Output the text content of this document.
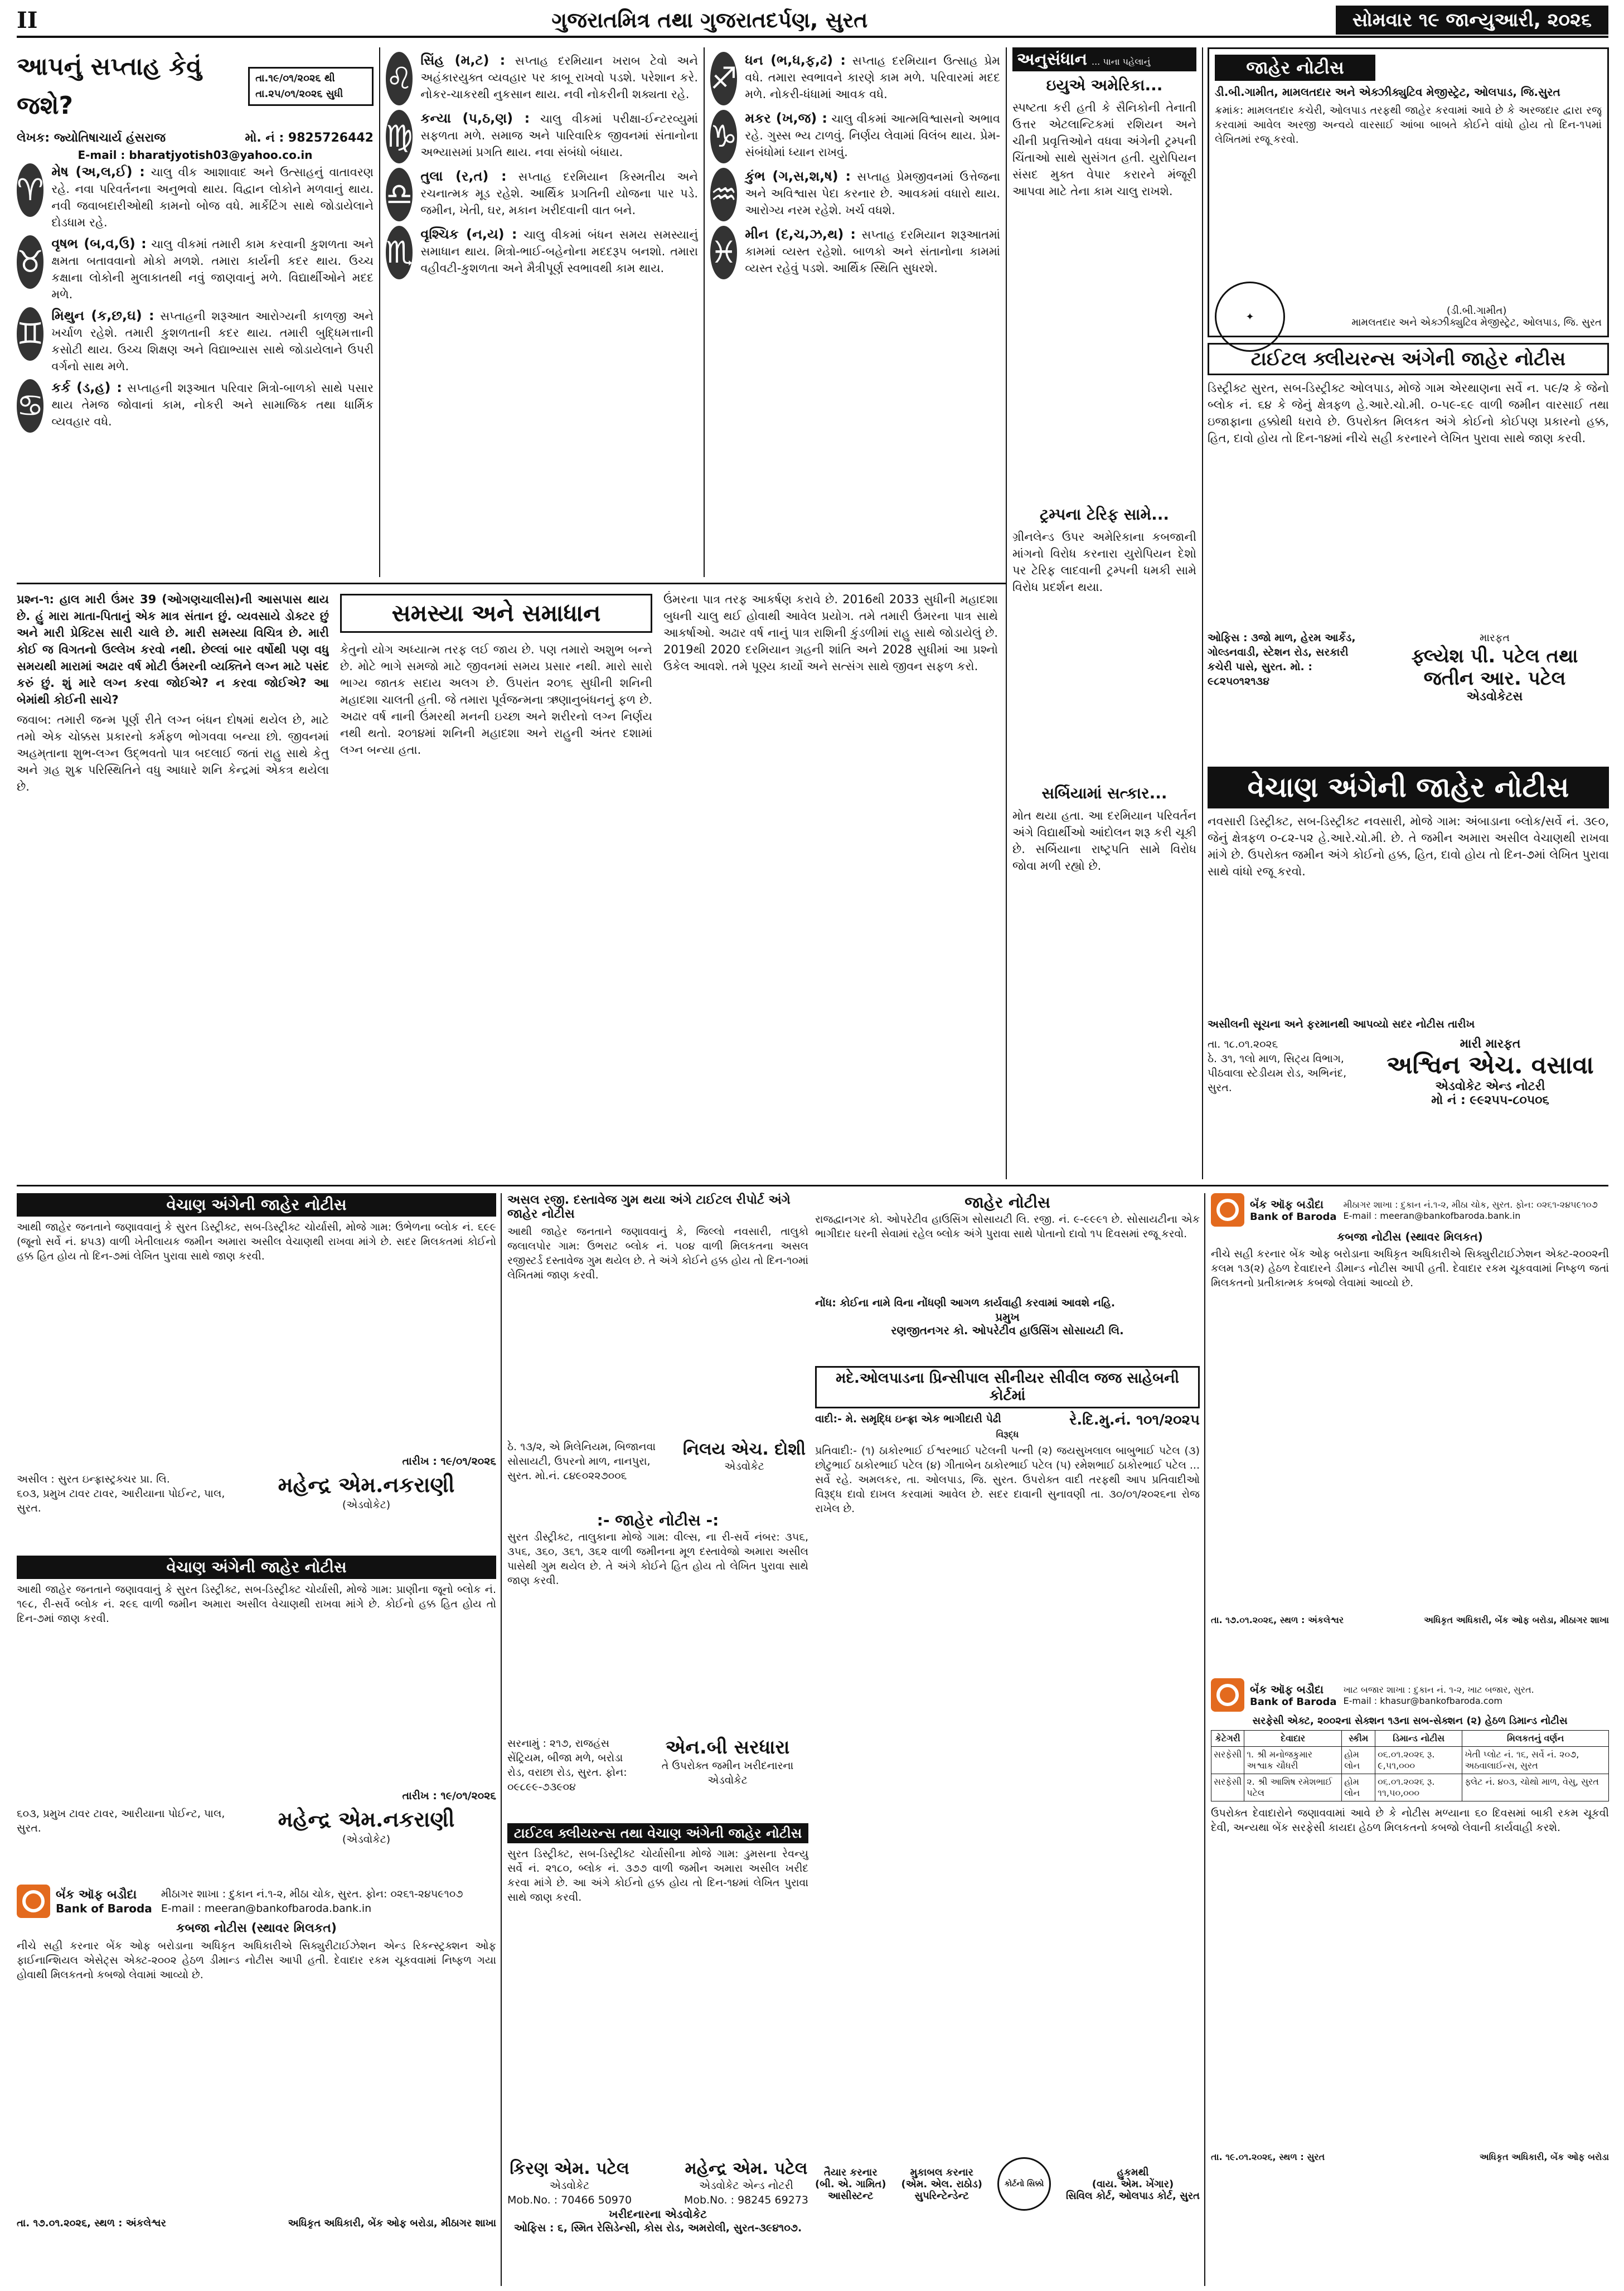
II	ગુજરાતમિત્ર તથા ગુજરાતદર્પણ, સુરત	સોમવાર ૧૯ જાન્યુઆરી, ૨૦૨૬
આપનું સપ્તાહ કેવું જશે?
તા.૧૯/૦૧/૨૦૨૬ થી તા.૨૫/૦૧/૨૦૨૬ સુધી
લેખક: જ્યોતિષાચાર્ય હંસરાજ	મો. નં : 9825726442
E-mail : bharatjyotish03@yahoo.co.in
♈
મેષ (અ,લ,ઈ) : ચાલુ વીક આશાવાદ અને ઉત્સાહનું વાતાવરણ રહે. નવા પરિવર્તનના અનુભવો થાય. વિદ્વાન લોકોને મળવાનું થાય. નવી જવાબદારીઓથી કામનો બોજ વધે. માર્કેટિંગ સાથે જોડાયેલાને દોડધામ રહે.
♉
વૃષભ (બ,વ,ઉ) : ચાલુ વીકમાં તમારી કામ કરવાની કુશળતા અને ક્ષમતા બતાવવાનો મોકો મળશે. તમારા કાર્યની કદર થાય. ઉચ્ચ કક્ષાના લોકોની મુલાકાતથી નવું જાણવાનું મળે. વિદ્યાર્થીઓને મદદ મળે.
♊
મિથુન (ક,છ,ઘ) : સપ્તાહની શરૂઆત આરોગ્યની કાળજી અને ખર્ચાળ રહેશે. તમારી કુશળતાની કદર થાય. તમારી બુદ્ધિમત્તાની કસોટી થાય. ઉચ્ચ શિક્ષણ અને વિદ્યાભ્યાસ સાથે જોડાયેલાને ઉપરી વર્ગનો સાથ મળે.
♋
કર્ક (ડ,હ) : સપ્તાહની શરૂઆત પરિવાર મિત્રો-બાળકો સાથે પસાર થાય તેમજ જોવાનાં કામ, નોકરી અને સામાજિક તથા ધાર્મિક વ્યવહાર વધે.
♌
સિંહ (મ,ટ) : સપ્તાહ દરમિયાન ખરાબ ટેવો અને અહંકારયુક્ત વ્યવહાર પર કાબૂ રાખવો પડશે. પરેશાન કરે. નોકર-ચાકરથી નુકસાન થાય. નવી નોકરીની શક્યતા રહે.
♍
કન્યા (પ,ઠ,ણ) : ચાલુ વીકમાં પરીક્ષા-ઈન્ટરવ્યુમાં સફળતા મળે. સમાજ અને પારિવારિક જીવનમાં સંતાનોના અભ્યાસમાં પ્રગતિ થાય. નવા સંબંધો બંધાય.
♎
તુલા (ર,ત) : સપ્તાહ દરમિયાન કિસ્મતીય અને રચનાત્મક મૂડ રહેશે. આર્થિક પ્રગતિની યોજના પાર પડે. જમીન, ખેતી, ઘર, મકાન ખરીદવાની વાત બને.
♏
વૃશ્ચિક (ન,ય) : ચાલુ વીકમાં બંધન સમય સમસ્યાનું સમાધાન થાય. મિત્રો-ભાઈ-બહેનોના મદદરૂપ બનશો. તમારા વહીવટી-કુશળતા અને મૈત્રીપૂર્ણ સ્વભાવથી કામ થાય.
♐
ધન (ભ,ધ,ફ,ઢ) : સપ્તાહ દરમિયાન ઉત્સાહ પ્રેમ વધે. તમારા સ્વભાવને કારણે કામ મળે. પરિવારમાં મદદ મળે. નોકરી-ધંધામાં આવક વધે.
♑
મકર (ખ,જ) : ચાલુ વીકમાં આત્મવિશ્વાસનો અભાવ રહે. ગુસ્સ ભ્ય ટાળવું. નિર્ણય લેવામાં વિલંબ થાય. પ્રેમ-સંબંધોમાં ધ્યાન રાખવું.
♒
કુંભ (ગ,સ,શ,ષ) : સપ્તાહ પ્રેમજીવનમાં ઉત્તેજના અને અવિશ્વાસ પેદા કરનાર છે. આવકમાં વધારો થાય. આરોગ્ય નરમ રહેશે. ખર્ચ વધશે.
♓
મીન (દ,ચ,ઝ,થ) : સપ્તાહ દરમિયાન શરૂઆતમાં કામમાં વ્યસ્ત રહેશો. બાળકો અને સંતાનોના કામમાં વ્યસ્ત રહેવું પડશે. આર્થિક સ્થિતિ સુધરશે.
અનુસંધાન ... પાના પહેલાનું
ઇયુએ અમેરિકા...
સ્પષ્ટતા કરી હતી કે સૈનિકોની તેનાતી ઉત્તર એટલાન્ટિકમાં રશિયન અને ચીની પ્રવૃત્તિઓને વધવા અંગેની ટ્રમ્પની ચિંતાઓ સાથે સુસંગત હતી. યુરોપિયન સંસદ મુક્ત વેપાર કરારને મંજૂરી આપવા માટે તેના કામ ચાલુ રાખશે.
ટ્રમ્પના ટેરિફ સામે...
ગ્રીનલેન્ડ ઉપર અમેરિકાના કબજાની માંગનો વિરોધ કરનારા યુરોપિયન દેશો પર ટેરિફ લાદવાની ટ્રમ્પની ધમકી સામે વિરોધ પ્રદર્શન થયા.
સર્બિયામાં સત્કાર...
મોત થયા હતા. આ દરમિયાન પરિવર્તન અંગે વિદ્યાર્થીઓ આંદોલન શરૂ કરી ચૂકી છે. સર્બિયાના રાષ્ટ્રપતિ સામે વિરોધ જોવા મળી રહ્યો છે.
જાહેર નોટીસ
ડી.બી.ગામીત, મામલતદાર અને એક્ઝીક્યુટિવ મેજીસ્ટ્રેટ, ઓલપાડ, જિ.સુરત
ક્રમાંક: મામલતદાર કચેરી, ઓલપાડ તરફથી જાહેર કરવામાં આવે છે કે અરજદાર દ્વારા રજૂ કરવામાં આવેલ અરજી અન્વયે વારસાઈ આંબા બાબતે કોઈને વાંધો હોય તો દિન-૧૫માં લેખિતમાં રજૂ કરવો.
✦	(ડી.બી.ગામીત)
મામલતદાર અને એક્ઝીક્યુટિવ મેજીસ્ટ્રેટ, ઓલપાડ, જિ. સુરત
ટાઈટલ ક્લીયરન્સ અંગેની જાહેર નોટીસ
ડિસ્ટ્રીક્ટ સુરત, સબ-ડિસ્ટ્રીક્ટ ઓલપાડ, મોજે ગામ એરથાણના સર્વે ન. ૫૯/૨ કે જેનો બ્લોક નં. ૬૪ કે જેનું ક્ષેત્રફળ હે.આરે.ચો.મી. ૦-૫૯-૬૯ વાળી જમીન વારસાઈ તથા ઇજાફાના હક્કોથી ધરાવે છે. ઉપરોક્ત મિલકત અંગે કોઈનો કોઈપણ પ્રકારનો હક્ક, હિત, દાવો હોય તો દિન-૧૪માં નીચે સહી કરનારને લેખિત પુરાવા સાથે જાણ કરવી.
ઓફિસ : ૩જો માળ, હેરમ આર્કેડ, ગોલ્ડનવાડી, સ્ટેશન રોડ, સરકારી કચેરી પાસે, સુરત. મો. : ૯૮૨૫૦૧૨૧૩૪
મારફત
ફ્લ્યેશ પી. પટેલ તથા
જતીન આર. પટેલ
એડવોકેટસ
વેચાણ અંગેની જાહેર નોટીસ
નવસારી ડિસ્ટ્રીક્ટ, સબ-ડિસ્ટ્રીક્ટ નવસારી, મોજે ગામ: અંબાડાના બ્લોક/સર્વે નં. ૩૯૦, જેનું ક્ષેત્રફળ ૦-૮૨-૫૨ હે.આરે.ચો.મી. છે. તે જમીન અમારા અસીલ વેચાણથી રાખવા માંગે છે. ઉપરોક્ત જમીન અંગે કોઈનો હક્ક, હિત, દાવો હોય તો દિન-૭માં લેખિત પુરાવા સાથે વાંધો રજૂ કરવો.
અસીલની સૂચના અને ફરમાનથી આપવ્યો સદર નોટીસ તારીખ
તા. ૧૮.૦૧.૨૦૨૬
ઠે. ૩૧, ૧લો માળ, સિટ્ય વિભાગ, પીઠવાલા સ્ટેડીયમ રોડ, અભિનંદ, સુરત.
મારી મારફત
અશ્વિન એચ. વસાવા
એડવોકેટ એન્ડ નોટરી
મો નં : ૯૯૨૫૫-૮૦૫૦૬

પ્રશ્ન-૧: હાલ મારી ઉંમર 39 (ઓગણચાલીસ)ની આસપાસ થાય છે. હું મારા માતા-પિતાનું એક માત્ર સંતાન છું. વ્યવસાયે ડોક્ટર છું અને મારી પ્રેક્ટિસ સારી ચાલે છે. મારી સમસ્યા વિચિત્ર છે. મારી કોઈ જ વિગતનો ઉલ્લેખ કરવો નથી. છેલ્લાં બાર વર્ષોથી પણ વધુ સમયથી મારામાં અઢાર વર્ષ મોટી ઉંમરની વ્યક્તિને લગ્ન માટે પસંદ કરું છું. શું મારે લગ્ન કરવા જોઈએ? ન કરવા જોઈએ? આ બેમાંથી કોઈની સાચે?

જવાબ: તમારી જન્મ પૂર્ણ રીતે લગ્ન બંધન દોષમાં થયેલ છે, માટે તમો એક ચોક્કસ પ્રકારનો કર્મફળ ભોગવવા બન્યા છો. જીવનમાં અહમ્‌તાના શુભ-લગ્ન ઉદ્ભવતો પાત્ર બદલાઈ જતાં રાહુ સાથે કેતુ અને ગ્રહ શુક્ર પરિસ્થિતિને વધુ આધારે શનિ કેન્દ્રમાં એકત્ર થયેલા છે.

સમસ્યા અને સમાધાન
કેતુનો યોગ અધ્યાત્મ તરફ લઈ જાય છે. પણ તમારો અશુભ બન્ને છે. મોટે ભાગે સમજો માટે જીવનમાં સમય પ્રસાર નથી. મારો સારો ભાગ્ય જાતક સદાય અલગ છે. ઉપરાંત ૨૦૧૬ સુધીની શનિની મહાદશા ચાલતી હતી. જે તમારા પૂર્વજન્મના ઋણાનુબંધનનું ફળ છે. અઢાર વર્ષ નાની ઉંમરથી મનની ઇચ્છા અને શરીરનો લગ્ન નિર્ણય નથી થતો. ૨૦૧૪માં શનિની મહાદશા અને રાહુની અંતર દશામાં લગ્ન બન્યા હતા.
ઉંમરના પાત્ર તરફ આકર્ષણ કરાવે છે. 2016થી 2033 સુધીની મહાદશા બુધની ચાલુ થઈ હોવાથી આવેલ પ્રયોગ. તમે તમારી ઉંમરના પાત્ર સાથે આકર્ષાઓ. અઢાર વર્ષ નાનું પાત્ર રાશિની કુંડળીમાં રાહુ સાથે જોડાયેલું છે. 2019થી 2020 દરમિયાન ગ્રહની શાંતિ અને 2028 સુધીમાં આ પ્રશ્નો ઉકેલ આવશે. તમે પૂણ્ય કાર્યો અને સત્સંગ સાથે જીવન સફળ કરો.
વેચાણ અંગેની જાહેર નોટીસ
આથી જાહેર જનતાને જણાવવાનું કે સુરત ડિસ્ટ્રીક્ટ, સબ-ડિસ્ટ્રીક્ટ ચોર્યાસી, મોજે ગામ: ઉભેળના બ્લોક નં. ૬૯૯ (જૂનો સર્વે નં. ૪૫૩) વાળી ખેતીલાયક જમીન અમારા અસીલ વેચાણથી રાખવા માંગે છે. સદર મિલકતમાં કોઈનો હક્ક હિત હોય તો દિન-૭માં લેખિત પુરાવા સાથે જાણ કરવી.
તારીખ : ૧૯/૦૧/૨૦૨૬
અસીલ : સુરત ઇન્ફ્રાસ્ટ્રક્ચર પ્રા. લિ.
૬૦૩, પ્રમુખ ટાવર ટાવર, આરીયાના પોઈન્ટ, પાલ, સુરત.
મહેન્દ્ર એમ.નકરાણી
(એડવોકેટ)
વેચાણ અંગેની જાહેર નોટીસ
આથી જાહેર જનતાને જણાવવાનું કે સુરત ડિસ્ટ્રીક્ટ, સબ-ડિસ્ટ્રીક્ટ ચોર્યાસી, મોજે ગામ: પ્રાણીના જૂનો બ્લોક નં. ૧૯૮, રી-સર્વે બ્લોક નં. ૨૯૬ વાળી જમીન અમારા અસીલ વેચાણથી રાખવા માંગે છે. કોઈનો હક્ક હિત હોય તો દિન-૭માં જાણ કરવી.
તારીખ : ૧૯/૦૧/૨૦૨૬
૬૦૩, પ્રમુખ ટાવર ટાવર, આરીયાના પોઈન્ટ, પાલ, સુરત.	મહેન્દ્ર એમ.નકરાણી
(એડવોકેટ)
બૅંક ઑફ બડૌદા
Bank of Baroda
મીઠાગર શાખા : દુકાન નં.૧-૨, મીઠા ચોક, સુરત. ફોન: ૦૨૬૧-૨૪૫૯૧૦૭
E-mail : meeran@bankofbaroda.bank.in
કબજા નોટીસ (સ્થાવર મિલકત)
નીચે સહી કરનાર બેંક ઓફ બરોડાના અધિકૃત અધિકારીએ સિક્યુરીટાઈઝેશન એન્ડ રિકન્સ્ટ્રક્શન ઓફ ફાઈનાન્શિયલ એસેટ્સ એક્ટ-૨૦૦૨ હેઠળ ડીમાન્ડ નોટીસ આપી હતી. દેવાદાર રકમ ચૂકવવામાં નિષ્ફળ ગયા હોવાથી મિલકતનો કબજો લેવામાં આવ્યો છે.
તા. ૧૭.૦૧.૨૦૨૬, સ્થળ : અંકલેશ્વર	અધિકૃત અધિકારી, બેંક ઓફ બરોડા, મીઠાગર શાખા
અસલ રજી. દસ્તાવેજ ગુમ થયા અંગે ટાઈટલ રીપોર્ટ અંગે જાહેર નોટીસ
આથી જાહેર જનતાને જણાવવાનું કે, જિલ્લો નવસારી, તાલુકો જલાલપોર ગામ: ઉભરાટ બ્લોક નં. ૫૦૪ વાળી મિલકતના અસલ રજીસ્ટર્ડ દસ્તાવેજ ગુમ થયેલ છે. તે અંગે કોઈને હક્ક હોય તો દિન-૧૦માં લેખિતમાં જાણ કરવી.
ઠે. ૧૩/૨, એ મિલેનિયમ, બિજાનવા સોસાયટી, ઉપરનો માળ, નાનપુરા, સુરત. મો.નં. ૮૪૯૦૨૨૭૦૦૬
નિલય એચ. દોશી
એડવોકેટ
જાહેર નોટીસ
રાજદ્વાનગર કો. ઓપરેટીવ હાઉસિંગ સોસાયટી લિ. રજી. નં. ૯-૯૯૯૧ છે. સોસાયટીના એક ભાગીદાર ઘરની સેવામાં રહેલ બ્લોક અંગે પુરાવા સાથે પોતાનો દાવો ૧૫ દિવસમાં રજૂ કરવો.
નોંધ: કોઈના નામે વિના નોંધણી આગળ કાર્યવાહી કરવામાં આવશે નહિ.
પ્રમુખ
રણજીતનગર કો. ઓપરેટીવ હાઉસિંગ સોસાયટી લિ.
મદે.ઓલપાડના પ્રિન્સીપાલ સીનીયર સીવીલ જજ સાહેબની કોર્ટમાં
વાદી:- મે. સમૃદ્ધિ ઇન્ફ્રા એક ભાગીદારી પેઢી	રે.દિ.મુ.નં. ૧૦૧/૨૦૨૫
વિરૂદ્ધ
પ્રતિવાદી:- (૧) ઠાકોરભાઈ ઈશ્વરભાઈ પટેલની પત્ની (૨) જયસુખલાલ બાબુભાઈ પટેલ (૩) છોટુભાઈ ઠાકોરભાઈ પટેલ (૪) ગીતાબેન ઠાકોરભાઈ પટેલ (૫) રમેશભાઈ ઠાકોરભાઈ પટેલ ... સર્વે રહે. અમલકર, તા. ઓલપાડ, જિ. સુરત. ઉપરોક્ત વાદી તરફથી આપ પ્રતિવાદીઓ વિરૂદ્ધ દાવો દાખલ કરવામાં આવેલ છે. સદર દાવાની સુનાવણી તા. ૩૦/૦૧/૨૦૨૬ના રોજ રાખેલ છે.
તૈયાર કરનાર
(બી. એ. ગામિત)
આસીસ્ટન્ટ
મુકાબલ કરનાર
(એમ. એલ. રાઠોડ)
સુપરિન્ટેન્ડેન્ટ
કોર્ટનો સિક્કો
હુકમથી
(વાય. એમ. ખેંગાર)
સિવિલ કોર્ટ, ઓલપાડ કોર્ટ, સુરત
:- જાહેર નોટીસ -:
સુરત ડીસ્ટ્રીક્ટ, તાલુકાના મોજે ગામ: વીલ્સ, ના રી-સર્વે નંબર: ૩૫૬, ૩૫૬, ૩૬૦, ૩૬૧, ૩૬૨ વાળી જમીનના મૂળ દસ્તાવેજો અમારા અસીલ પાસેથી ગુમ થયેલ છે. તે અંગે કોઈને હિત હોય તો લેખિત પુરાવા સાથે જાણ કરવી.
સરનામું : ૨૧૭, રાજહંસ સેંટ્રિયમ, બીજા મળે, બરોડા રોડ, વરાછા રોડ, સુરત. ફોન: ૦૯૮૯૯-૭૩૯૦૪
એન.બી સરધારા
તે ઉપરોક્ત જમીન ખરીદનારના એડવોકેટ
ટાઈટલ ક્લીયરન્સ તથા વેચાણ અંગેની જાહેર નોટીસ
સુરત ડિસ્ટ્રીક્ટ, સબ-ડિસ્ટ્રીક્ટ ચોર્યાસીના મોજે ગામ: ડુમસના રેવન્યુ સર્વે નં. ૨૧૮૦, બ્લોક નં. ૩૭૭ વાળી જમીન અમારા અસીલ ખરીદ કરવા માંગે છે. આ અંગે કોઈનો હક્ક હોય તો દિન-૧૪માં લેખિત પુરાવા સાથે જાણ કરવી.
કિરણ એમ. પટેલ
એડવોકેટ
Mob.No. : 70466 50970
મહેન્દ્ર એમ. પટેલ
એડવોકેટ એન્ડ નોટરી
Mob.No. : 98245 69273
ખરીદનારના એડવોકેટ
ઓફિસ : ૬, સ્મિત રેસિડેન્સી, કોસ રોડ, અમરોલી, સુરત-૩૯૪૧૦૭.
બૅંક ઑફ બડૌદા
Bank of Baroda
મીઠાગર શાખા : દુકાન નં.૧-૨, મીઠા ચોક, સુરત. ફોન: ૦૨૬૧-૨૪૫૯૧૦૭
E-mail : meeran@bankofbaroda.bank.in
કબજા નોટીસ (સ્થાવર મિલકત)
નીચે સહી કરનાર બેંક ઓફ બરોડાના અધિકૃત અધિકારીએ સિક્યુરીટાઈઝેશન એક્ટ-૨૦૦૨ની કલમ ૧૩(૨) હેઠળ દેવાદારને ડીમાન્ડ નોટીસ આપી હતી. દેવાદાર રકમ ચૂકવવામાં નિષ્ફળ જતાં મિલકતનો પ્રતીકાત્મક કબજો લેવામાં આવ્યો છે.
તા. ૧૭.૦૧.૨૦૨૬, સ્થળ : અંકલેશ્વર	અધિકૃત અધિકારી, બેંક ઓફ બરોડા, મીઠાગર શાખા
બૅંક ઑફ બડૌદા
Bank of Baroda
ખાટ બજાર શાખા : દુકાન નં. ૧-૨, ખાટ બજાર, સુરત.
E-mail : khasur@bankofbaroda.com
સરફેસી એક્ટ, ૨૦૦૨ના સેક્શન ૧૩ના સબ-સેક્શન (૨) હેઠળ ડિમાન્ડ નોટીસ
કેટેગરી	દેવાદાર	સ્કીમ	ડિમાન્ડ નોટીસ	મિલકતનું વર્ણન
સરફેસી	૧. શ્રી મનોજકુમાર અશ્વાક ચૌધરી	હોમ લોન	૦૬.૦૧.૨૦૨૬ રૂ. ૯,૫૧,૦૦૦	ખેતી પ્લોટ નં. ૧૬, સર્વે નં. ૨૦૭, અઠવાલાઈન્સ, સુરત
સરફેસી	૨. શ્રી આશિષ રમેશભાઈ પટેલ	હોમ લોન	૦૬.૦૧.૨૦૨૬ રૂ. ૧૧,૫૦,૦૦૦	ફ્લેટ નં. ૪૦૩, ચોથો માળ, વેસુ, સુરત
ઉપરોક્ત દેવાદારોને જણાવવામાં આવે છે કે નોટીસ મળ્યાના ૬૦ દિવસમાં બાકી રકમ ચૂકવી દેવી, અન્યથા બેંક સરફેસી કાયદા હેઠળ મિલકતનો કબજો લેવાની કાર્યવાહી કરશે.
તા. ૧૯.૦૧.૨૦૨૬, સ્થળ : સુરત	અધિકૃત અધિકારી, બેંક ઓફ બરોડા
